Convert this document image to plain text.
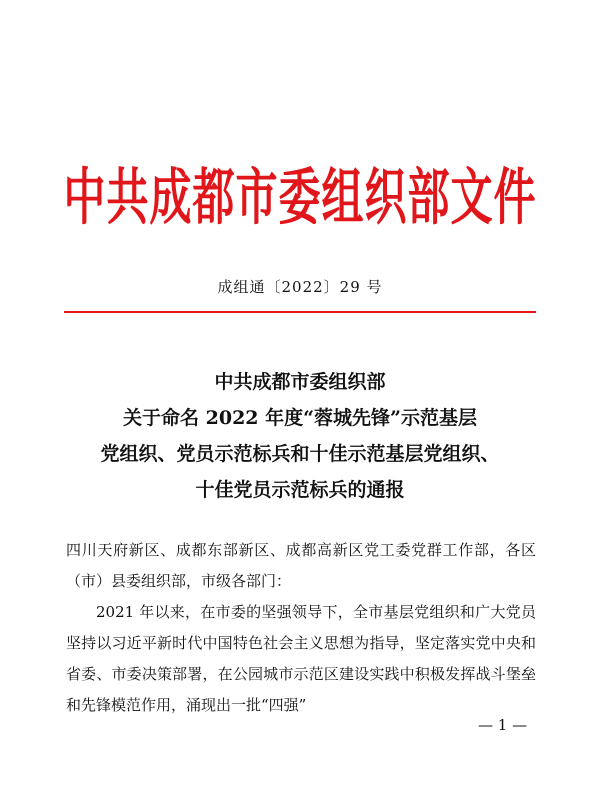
中共成都市委组织部文件
成组通〔2022〕29 号
中共成都市委组织部
关于命名 2022 年度“蓉城先锋”示范基层
党组织、党员示范标兵和十佳示范基层党组织、
十佳党员示范标兵的通报
四川天府新区、成都东部新区、成都高新区党工委党群工作部，各区（市）县委组织部，市级各部门：
2021 年以来，在市委的坚强领导下，全市基层党组织和广大党员坚持以习近平新时代中国特色社会主义思想为指导，坚定落实党中央和省委、市委决策部署，在公园城市示范区建设实践中积极发挥战斗堡垒和先锋模范作用，涌现出一批“四强”
— 1 —
